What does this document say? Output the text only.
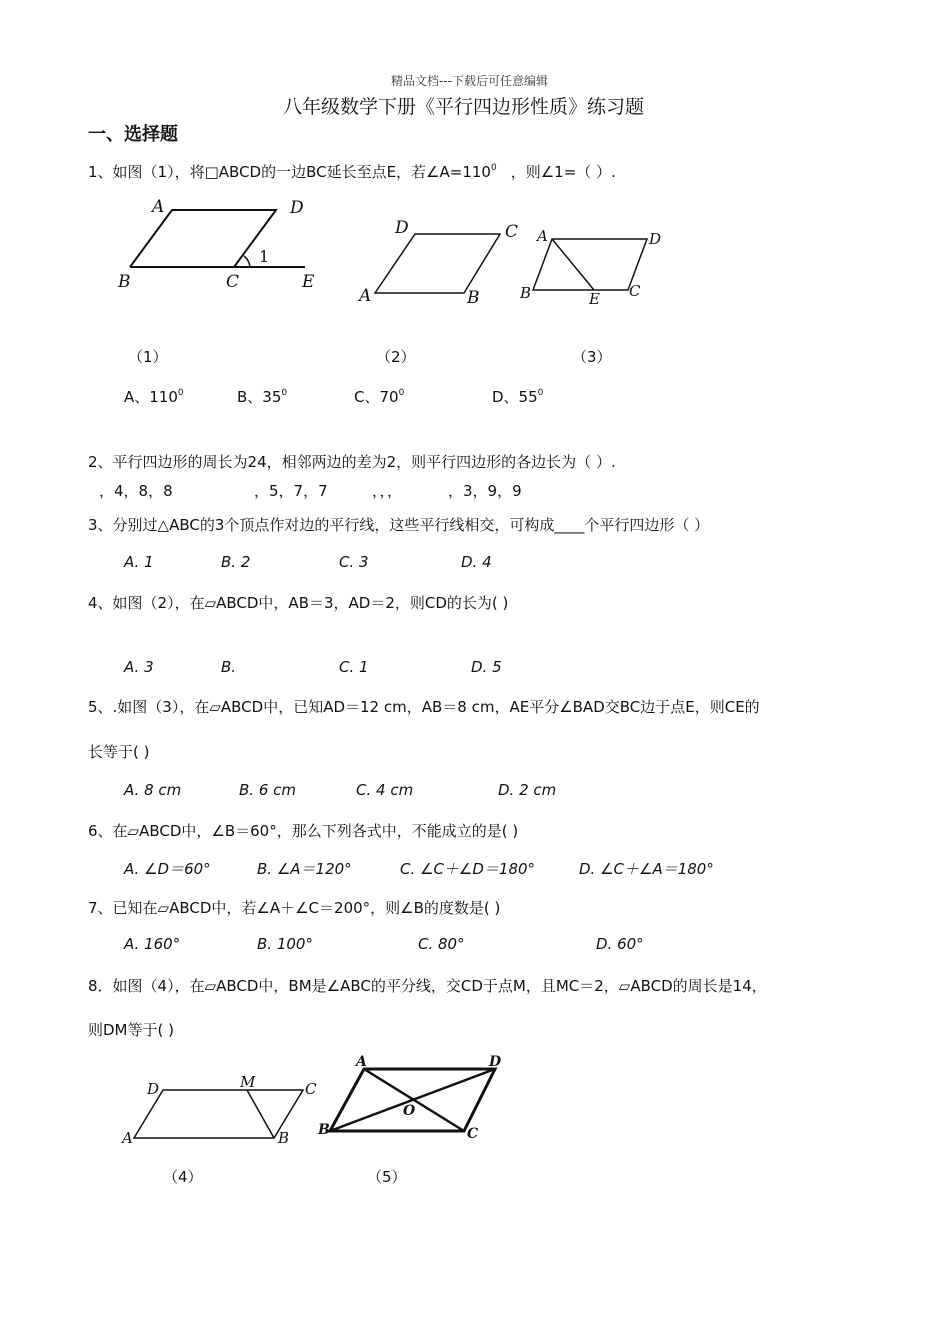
精品文档---下载后可任意编辑
八年级数学下册《平行四边形性质》练习题
一、选择题
1、如图（1），将□ABCD的一边BC延长至点E，若$\angle A=110^0$ ，则∠1=（ ）.
A	D
B	C	E
1
D	C
A	B
A	D
B	E C
（1）	（2）	（3）
A、$110^0$	B、$35^0$	C、$70^0$	D、$55^0$
2、平行四边形的周长为24，相邻两边的差为2，则平行四边形的各边长为（ ）.
，4，8，8	，5，7，7	，，，	，3，9，9
3、分别过△ABC的3个顶点作对边的平行线，这些平行线相交，可构成____个平行四边形（ ）
A. 1	B. 2	C. 3	D. 4
4、如图（2），在▱ABCD中，AB＝3，AD＝2，则CD的长为( )
A. 3	B.	C. 1	D. 5
5、.如图（3），在▱ABCD中，已知AD＝12 cm，AB＝8 cm，AE平分∠BAD交BC边于点E，则CE的
长等于( )
A. 8 cm	B. 6 cm	C. 4 cm	D. 2 cm
6、在▱ABCD中，∠B＝60°，那么下列各式中，不能成立的是( )
A. ∠D＝60°	B. ∠A＝120°	C. ∠C＋∠D＝180°	D. ∠C＋∠A＝180°
7、已知在▱ABCD中，若∠A＋∠C＝200°，则∠B的度数是( )
A. 160°	B. 100°	C. 80°	D. 60°
8．如图（4），在▱ABCD中，BM是∠ABC的平分线，交CD于点M，且MC＝2，▱ABCD的周长是14，
则DM等于( )
D	M	C
A	B
A	D
O
B	C
（4）	（5）
